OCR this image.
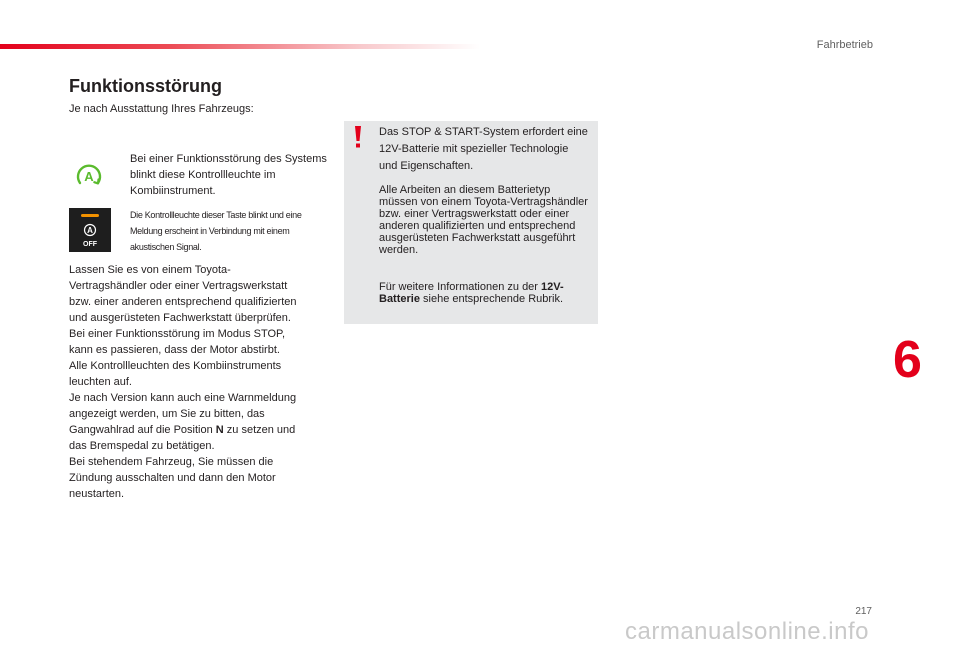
Fahrbetrieb
6
Funktionsstörung
Je nach Ausstattung Ihres Fahrzeugs:
A
Bei einer Funktionsstörung des Systems blinkt diese Kontrollleuchte im Kombiinstrument.
A
OFF
Die Kontrollleuchte dieser Taste blinkt und eine Meldung erscheint in Verbindung mit einem akustischen Signal.
Lassen Sie es von einem Toyota-
Vertragshändler oder einer Vertragswerkstatt
bzw. einer anderen entsprechend qualifizierten
und ausgerüsteten Fachwerkstatt überprüfen.
Bei einer Funktionsstörung im Modus STOP,
kann es passieren, dass der Motor abstirbt.
Alle Kontrollleuchten des Kombiinstruments
leuchten auf.
Je nach Version kann auch eine Warnmeldung
angezeigt werden, um Sie zu bitten, das
Gangwahlrad auf die Position N zu setzen und
das Bremspedal zu betätigen.
Bei stehendem Fahrzeug, Sie müssen die
Zündung ausschalten und dann den Motor
neustarten.
Das STOP & START-System erfordert eine 12V-Batterie mit spezieller Technologie und Eigenschaften.
Alle Arbeiten an diesem Batterietyp müssen von einem Toyota-Vertragshändler bzw. einer Vertragswerkstatt oder einer anderen qualifizierten und entsprechend ausgerüsteten Fachwerkstatt ausgeführt werden.
Für weitere Informationen zu der 12V-Batterie siehe entsprechende Rubrik.
217
carmanualsonline.info
